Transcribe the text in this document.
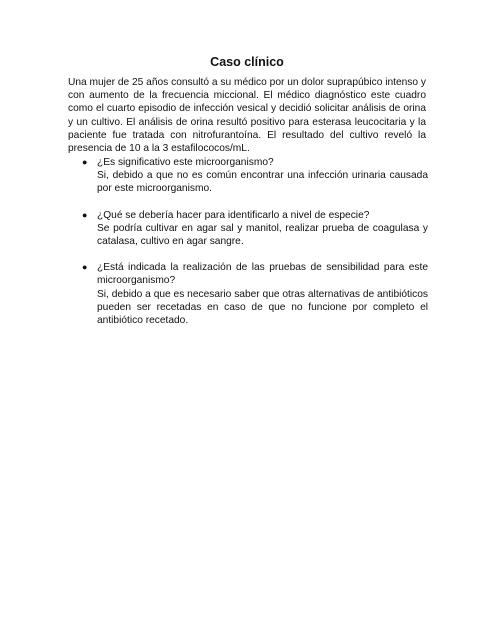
Caso clínico

Una mujer de 25 años consultó a su médico por un dolor suprapúbico intenso y con aumento de la frecuencia miccional. El médico diagnóstico este cuadro como el cuarto episodio de infección vesical y decidió solicitar análisis de orina y un cultivo. El análisis de orina resultó positivo para esterasa leucocitaria y la paciente fue tratada con nitrofurantoína. El resultado del cultivo reveló la presencia de 10 a la 3 estafilococos/mL.

● ¿Es significativo este microorganismo?
Si, debido a que no es común encontrar una infección urinaria causada por este microorganismo.
● ¿Qué se debería hacer para identificarlo a nivel de especie?
Se podría cultivar en agar sal y manitol, realizar prueba de coagulasa y catalasa, cultivo en agar sangre.
● ¿Está indicada la realización de las pruebas de sensibilidad para este microorganismo?
Si, debido a que es necesario saber que otras alternativas de antibióticos pueden ser recetadas en caso de que no funcione por completo el antibiótico recetado.
